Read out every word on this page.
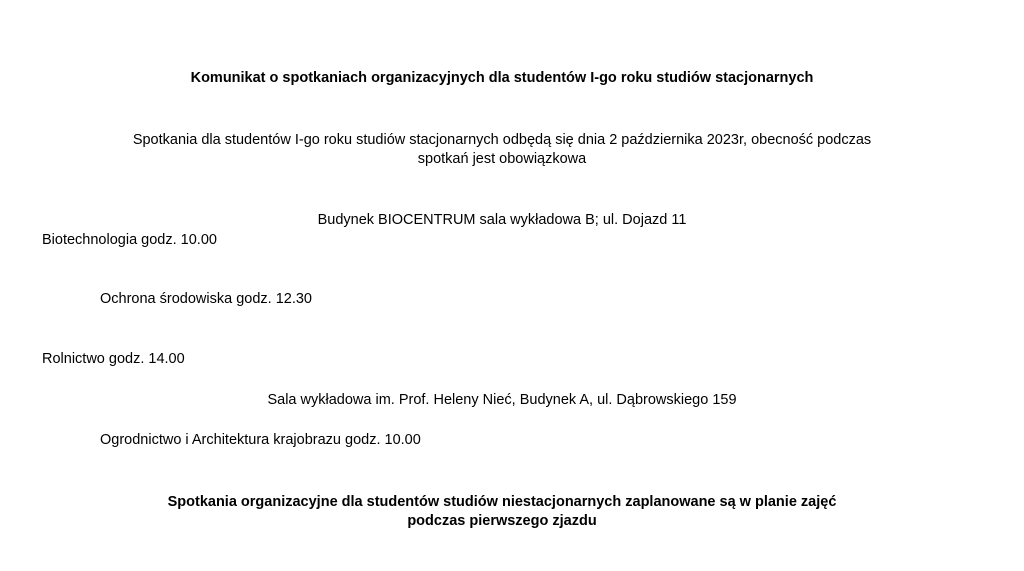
Komunikat o spotkaniach organizacyjnych dla studentów I-go roku studiów stacjonarnych
Spotkania dla studentów I-go roku studiów stacjonarnych odbędą się dnia 2 października 2023r, obecność podczas
spotkań jest obowiązkowa
Budynek BIOCENTRUM sala wykładowa B; ul. Dojazd 11
Biotechnologia godz. 10.00
Ochrona środowiska godz. 12.30
Rolnictwo godz. 14.00
Sala wykładowa im. Prof. Heleny Nieć, Budynek A, ul. Dąbrowskiego 159
Ogrodnictwo i Architektura krajobrazu godz. 10.00
Spotkania organizacyjne dla studentów studiów niestacjonarnych zaplanowane są w planie zajęć
podczas pierwszego zjazdu
